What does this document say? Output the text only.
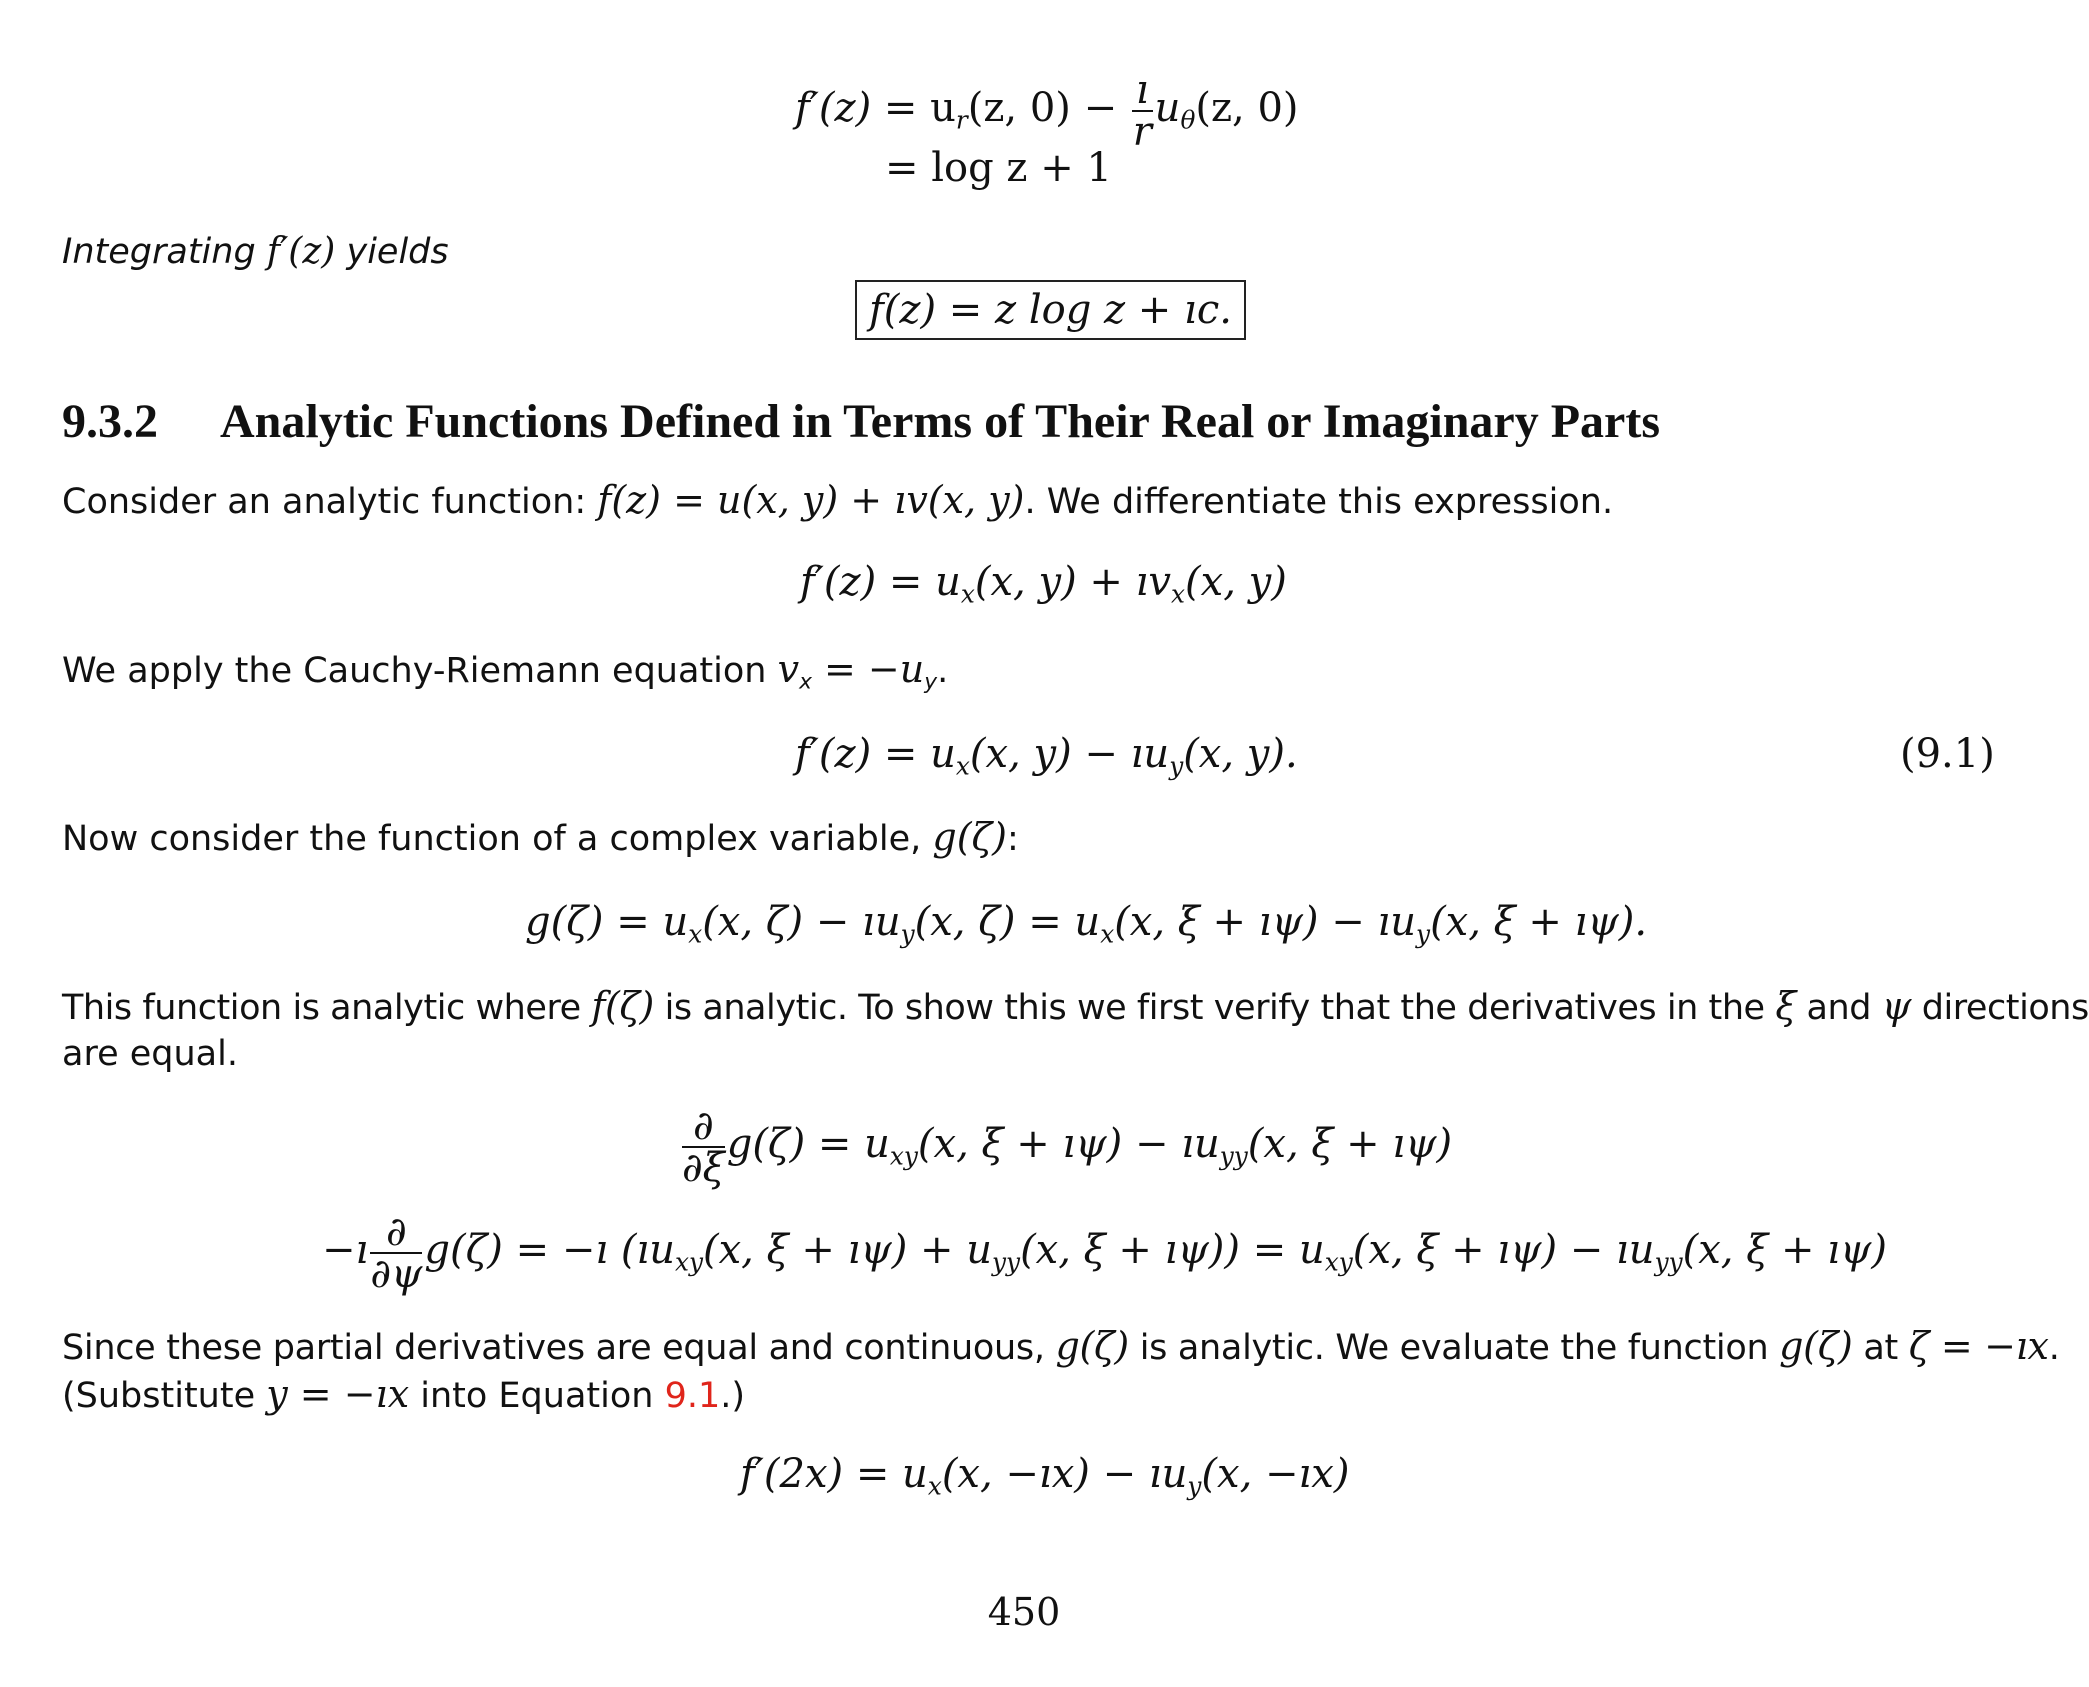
$f'(z) = u_r(z$, $0) - \frac{ı}{r} u_\theta(z$, 0)
= log z + 1
Integrating f′(z) yields
f(z) = z log z + ıc.
9.3.2 Analytic Functions Defined in Terms of Their Real or Imaginary Parts
Consider an analytic function: f(z) = u(x, y) + ıv(x, y). We differentiate this expression.
$f'(z) = u_x(x$, $y) + ıv_x(x$, y)
We apply the Cauchy-Riemann equation $v_x = -u_y$.
$f'(z) = u_x(x$, $y) - ıu_y(x$, y).	(9.1)
Now consider the function of a complex variable, g(ζ):
$g(\zeta) = u_x(x$, $\zeta) - ıu_y(x$, $\zeta) = u_x(x$, ξ + ıψ) − $ıu_y(x$, ξ + ıψ).
This function is analytic where f(ζ) is analytic. To show this we first verify that the derivatives in the ξ and ψ directions
are equal.
$\frac{\partial}{\partial\xi} g(\zeta) = u_{xy}(x$, ξ + ıψ) − $ıu_{yy}(x$, ξ + ıψ)
−ı $\frac{\partial}{\partial\psi} g(\zeta)$ = −ı ($ıu_{xy}(x$, ξ + ıψ) + $u_{yy}(x$, ξ + ıψ)) = $u_{xy}(x$, ξ + ıψ) − $ıu_{yy}(x$, ξ + ıψ)
Since these partial derivatives are equal and continuous, g(ζ) is analytic. We evaluate the function g(ζ) at ζ = −ıx.
(Substitute y = −ıx into Equation 9.1.)
$f'(2x) = u_x(x$, −ıx) − $ıu_y(x$, −ıx)
450
